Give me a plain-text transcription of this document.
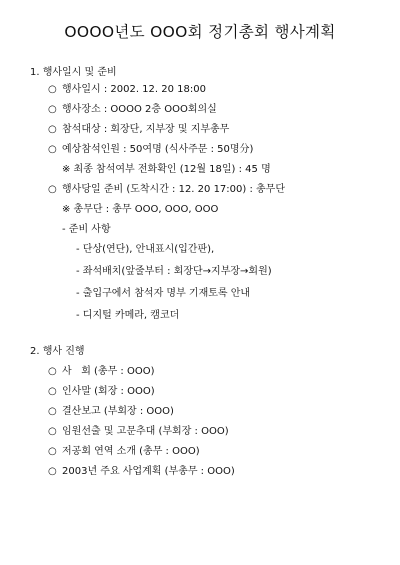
OOOO년도 OOO회 정기총회 행사계획
1. 행사일시 및 준비
○ 행사일시 : 2002. 12. 20 18:00
○ 행사장소 : OOOO 2층 OOO회의실
○ 참석대상 : 회장단, 지부장 및 지부총무
○ 예상참석인원 : 50여명 (식사주문 : 50명分)
※ 최종 참석여부 전화확인 (12월 18일) : 45 명
○ 행사당일 준비 (도착시간 : 12. 20 17:00) : 총무단
※ 총무단 : 총무 OOO, OOO, OOO
- 준비 사항
- 단상(연단), 안내표시(입간판),
- 좌석배치(앞줄부터 : 회장단→지부장→회원)
- 출입구에서 참석자 명부 기재토록 안내
- 디지털 카메라, 캠코더
2. 행사 진행
○ 사   회 (총무 : OOO)
○ 인사말 (회장 : OOO)
○ 결산보고 (부회장 : OOO)
○ 임원선출 및 고문추대 (부회장 : OOO)
○ 저공회 연역 소개 (총무 : OOO)
○ 2003년 주요 사업계획 (부총무 : OOO)
